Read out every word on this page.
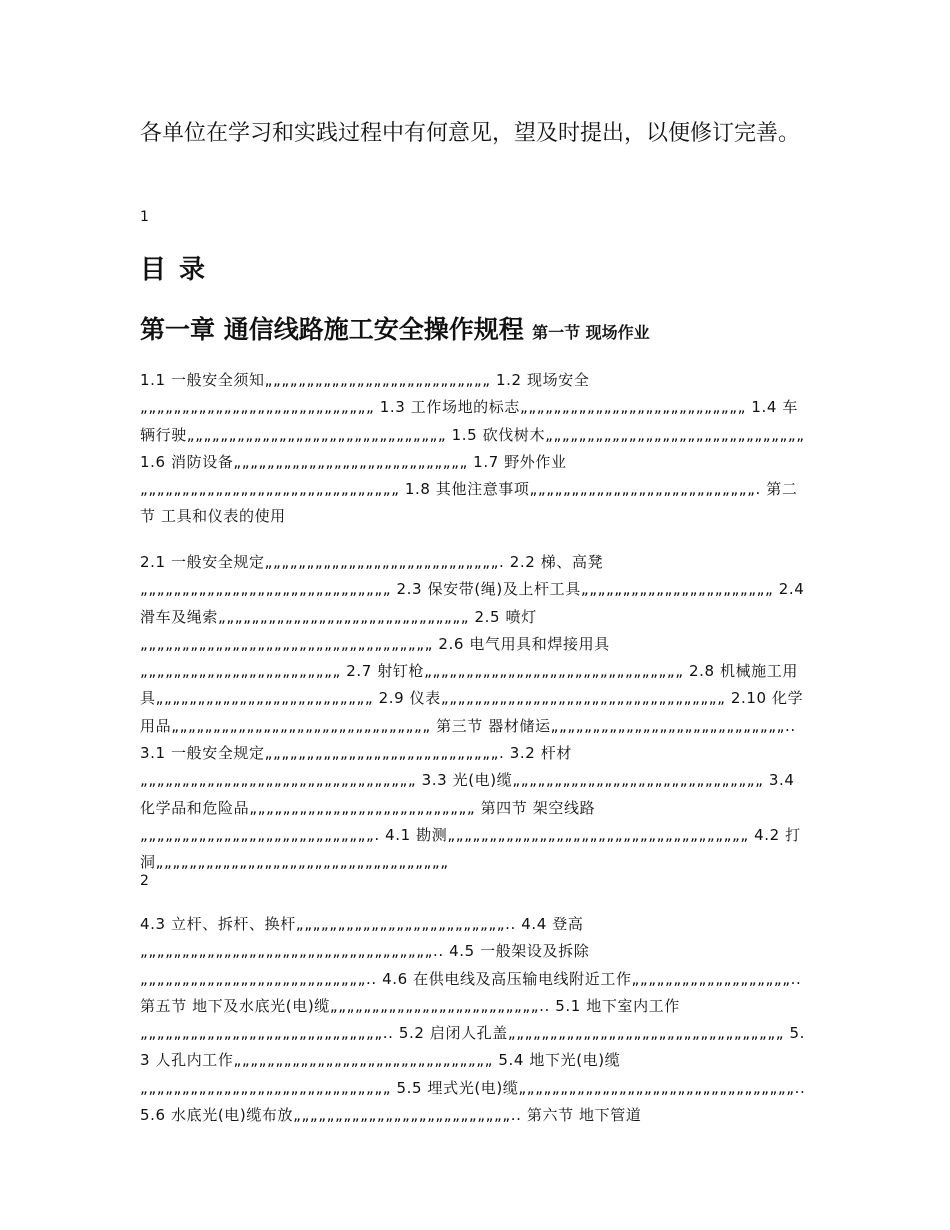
各单位在学习和实践过程中有何意见，望及时提出，以便修订完善。

1

目 录
第一章 通信线路施工安全操作规程 第一节 现场作业

1.1 一般安全须知„„„„„„„„„„„„„„„„„„„„„„„„„„„ 1.2 现场安全„„„„„„„„„„„„„„„„„„„„„„„„„„„„ 1.3 工作场地的标志„„„„„„„„„„„„„„„„„„„„„„„„„„„ 1.4 车辆行驶„„„„„„„„„„„„„„„„„„„„„„„„„„„„„„„ 1.5 砍伐树木„„„„„„„„„„„„„„„„„„„„„„„„„„„„„„„ 1.6 消防设备„„„„„„„„„„„„„„„„„„„„„„„„„„„„ 1.7 野外作业„„„„„„„„„„„„„„„„„„„„„„„„„„„„„„„ 1.8 其他注意事项„„„„„„„„„„„„„„„„„„„„„„„„„„„. 第二节 工具和仪表的使用

2.1 一般安全规定„„„„„„„„„„„„„„„„„„„„„„„„„„„„. 2.2 梯、高凳„„„„„„„„„„„„„„„„„„„„„„„„„„„„„„ 2.3 保安带(绳)及上杆工具„„„„„„„„„„„„„„„„„„„„„„„ 2.4 滑车及绳索„„„„„„„„„„„„„„„„„„„„„„„„„„„„„„ 2.5 喷灯„„„„„„„„„„„„„„„„„„„„„„„„„„„„„„„„„„„ 2.6 电气用具和焊接用具„„„„„„„„„„„„„„„„„„„„„„„„ 2.7 射钉枪„„„„„„„„„„„„„„„„„„„„„„„„„„„„„„„ 2.8 机械施工用具„„„„„„„„„„„„„„„„„„„„„„„„„„ 2.9 仪表„„„„„„„„„„„„„„„„„„„„„„„„„„„„„„„„„„ 2.10 化学用品„„„„„„„„„„„„„„„„„„„„„„„„„„„„„„„ 第三节 器材储运„„„„„„„„„„„„„„„„„„„„„„„„„„„„.. 3.1 一般安全规定„„„„„„„„„„„„„„„„„„„„„„„„„„„„. 3.2 杆材„„„„„„„„„„„„„„„„„„„„„„„„„„„„„„„„„ 3.3 光(电)缆„„„„„„„„„„„„„„„„„„„„„„„„„„„„„„ 3.4 化学品和危险品„„„„„„„„„„„„„„„„„„„„„„„„„„„ 第四节 架空线路„„„„„„„„„„„„„„„„„„„„„„„„„„„„. 4.1 勘测„„„„„„„„„„„„„„„„„„„„„„„„„„„„„„„„„„„„ 4.2 打洞„„„„„„„„„„„„„„„„„„„„„„„„„„„„„„„„„„„

2

4.3 立杆、拆杆、换杆„„„„„„„„„„„„„„„„„„„„„„„„„.. 4.4 登高„„„„„„„„„„„„„„„„„„„„„„„„„„„„„„„„„„„.. 4.5 一般架设及拆除„„„„„„„„„„„„„„„„„„„„„„„„„„„.. 4.6 在供电线及高压输电线附近工作„„„„„„„„„„„„„„„„„„„.. 第五节 地下及水底光(电)缆„„„„„„„„„„„„„„„„„„„„„„„„„.. 5.1 地下室内工作„„„„„„„„„„„„„„„„„„„„„„„„„„„„„.. 5.2 启闭人孔盖„„„„„„„„„„„„„„„„„„„„„„„„„„„„„„„„„ 5.3 人孔内工作„„„„„„„„„„„„„„„„„„„„„„„„„„„„„„„ 5.4 地下光(电)缆„„„„„„„„„„„„„„„„„„„„„„„„„„„„„„ 5.5 埋式光(电)缆„„„„„„„„„„„„„„„„„„„„„„„„„„„„„„„„„.. 5.6 水底光(电)缆布放„„„„„„„„„„„„„„„„„„„„„„„„„„.. 第六节 地下管道
